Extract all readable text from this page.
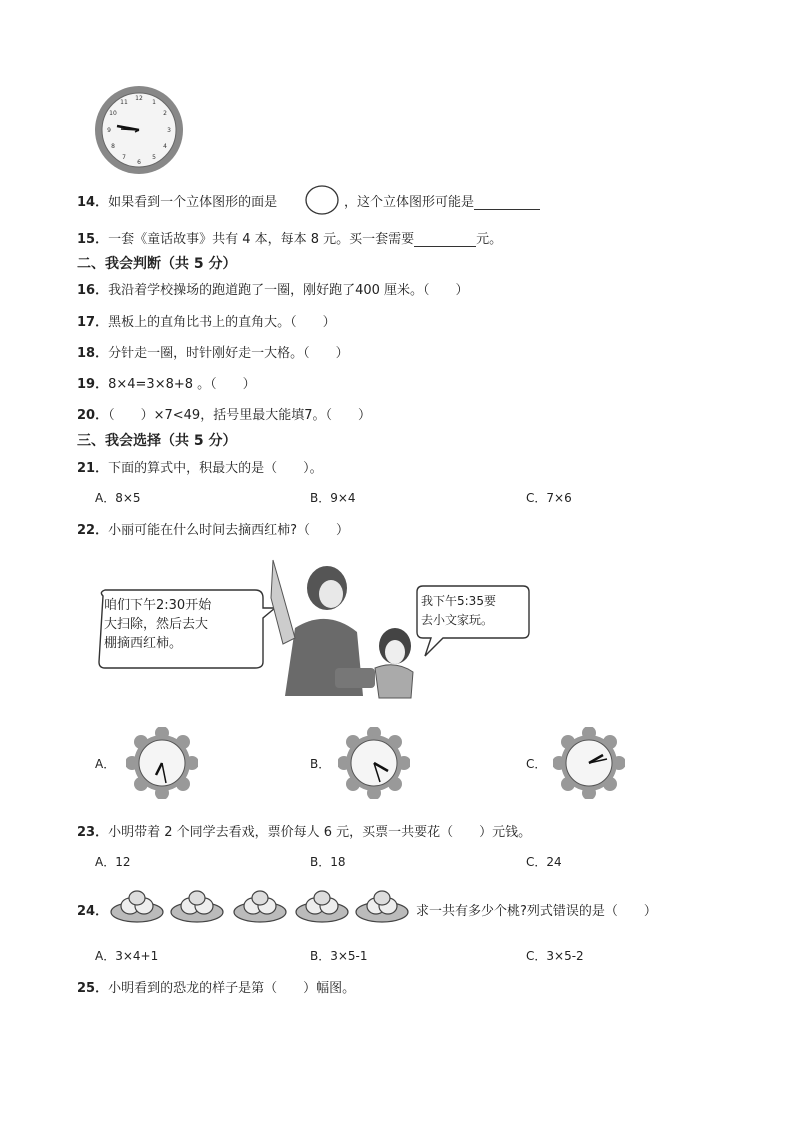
12
1
2
3
4
5
6
7
8
9
10
11
14．如果看到一个立体图形的面是	，这个立体图形可能是
15．一套《童话故事》共有 4 本，每本 8 元。买一套需要	元。
二、我会判断（共 5 分）
16．我沿着学校操场的跑道跑了一圈，刚好跑了400 厘米。（　　）
17．黑板上的直角比书上的直角大。（　　）
18．分针走一圈，时针刚好走一大格。（　　）
19．8×4=3×8+8 。（　　）
20．（　　）×7<49，括号里最大能填7。（　　）
三、我会选择（共 5 分）
21．下面的算式中，积最大的是（　　）。
A．8×5	B．9×4	C．7×6
22．小丽可能在什么时间去摘西红柿?（　　）
咱们下午2:30开始
大扫除，然后去大
棚摘西红柿。
我下午5:35要
去小文家玩。
A．	B．	C．
23．小明带着 2 个同学去看戏，票价每人 6 元，买票一共要花（　　）元钱。
A．12	B．18	C．24
24．	求一共有多少个桃?列式错误的是（　　）
A．3×4+1	B．3×5-1	C．3×5-2
25．小明看到的恐龙的样子是第（　　）幅图。
